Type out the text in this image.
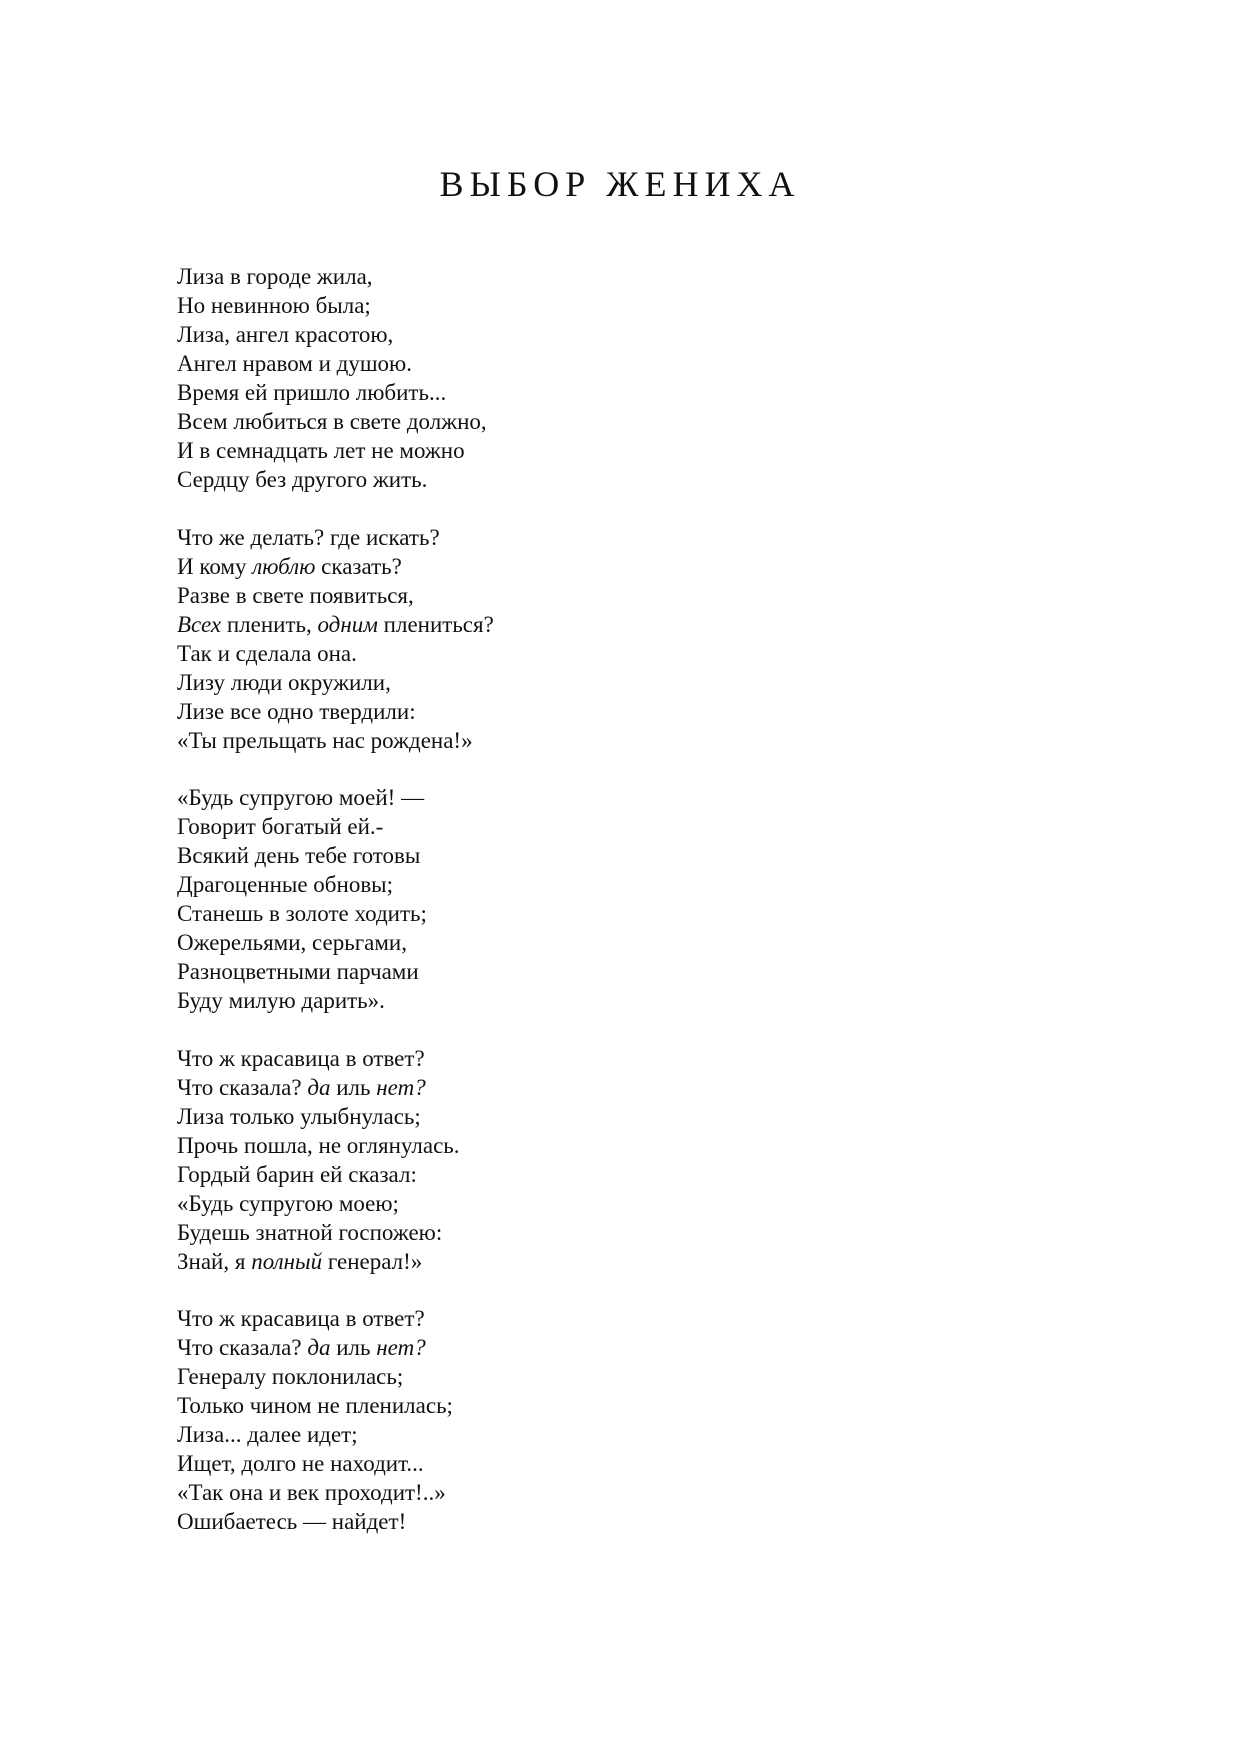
ВЫБОР ЖЕНИХА
Лиза в городе жила,
Но невинною была;
Лиза, ангел красотою,
Ангел нравом и душою.
Время ей пришло любить...
Всем любиться в свете должно,
И в семнадцать лет не можно
Сердцу без другого жить.
Что же делать? где искать?
И кому люблю сказать?
Разве в свете появиться,
Всех пленить, одним плениться?
Так и сделала она.
Лизу люди окружили,
Лизе все одно твердили:
«Ты прельщать нас рождена!»
«Будь супругою моей! —
Говорит богатый ей.-
Всякий день тебе готовы
Драгоценные обновы;
Станешь в золоте ходить;
Ожерельями, серьгами,
Разноцветными парчами
Буду милую дарить».
Что ж красавица в ответ?
Что сказала? да иль нет?
Лиза только улыбнулась;
Прочь пошла, не оглянулась.
Гордый барин ей сказал:
«Будь супругою моею;
Будешь знатной госпожею:
Знай, я полный генерал!»
Что ж красавица в ответ?
Что сказала? да иль нет?
Генералу поклонилась;
Только чином не пленилась;
Лиза... далее идет;
Ищет, долго не находит...
«Так она и век проходит!..»
Ошибаетесь — найдет!
